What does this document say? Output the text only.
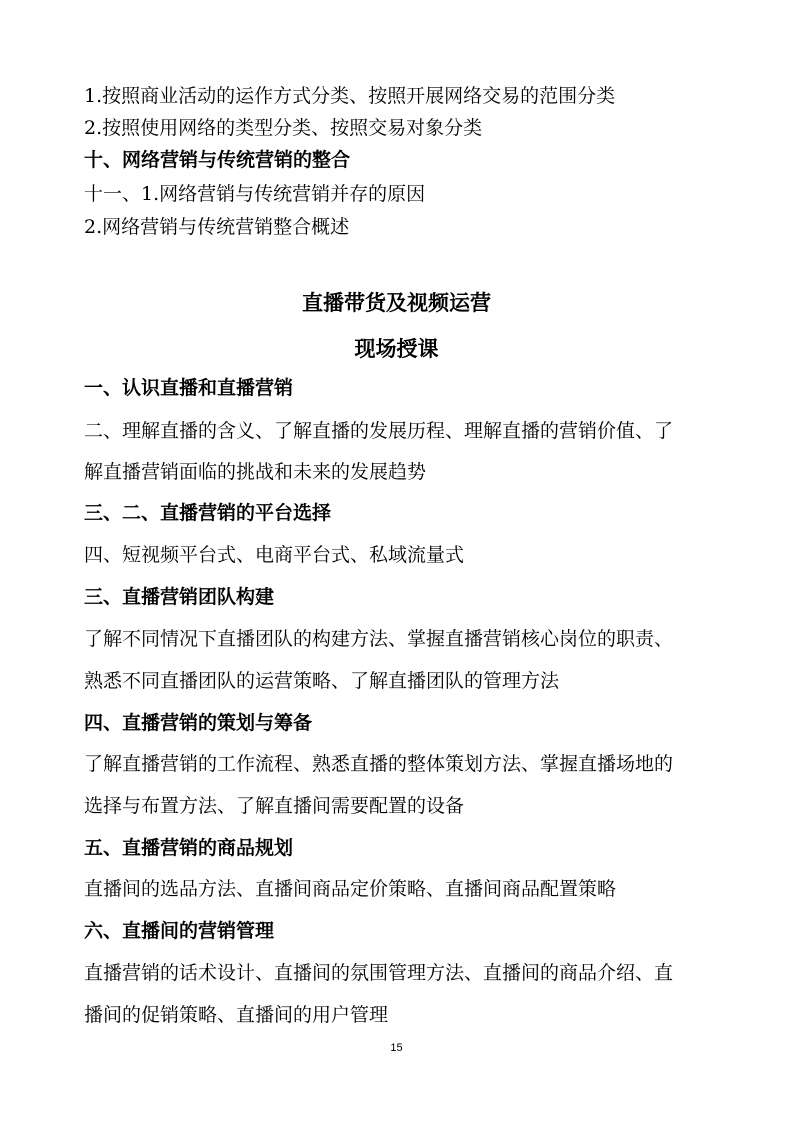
1.按照商业活动的运作方式分类、按照开展网络交易的范围分类
2.按照使用网络的类型分类、按照交易对象分类
十、网络营销与传统营销的整合
十一、1.网络营销与传统营销并存的原因
2.网络营销与传统营销整合概述
直播带货及视频运营
现场授课
一、认识直播和直播营销
二、理解直播的含义、了解直播的发展历程、理解直播的营销价值、了
解直播营销面临的挑战和未来的发展趋势
三、二、直播营销的平台选择
四、短视频平台式、电商平台式、私域流量式
三、直播营销团队构建
了解不同情况下直播团队的构建方法、掌握直播营销核心岗位的职责、
熟悉不同直播团队的运营策略、了解直播团队的管理方法
四、直播营销的策划与筹备
了解直播营销的工作流程、熟悉直播的整体策划方法、掌握直播场地的
选择与布置方法、了解直播间需要配置的设备
五、直播营销的商品规划
直播间的选品方法、直播间商品定价策略、直播间商品配置策略
六、直播间的营销管理
直播营销的话术设计、直播间的氛围管理方法、直播间的商品介绍、直
播间的促销策略、直播间的用户管理
15
